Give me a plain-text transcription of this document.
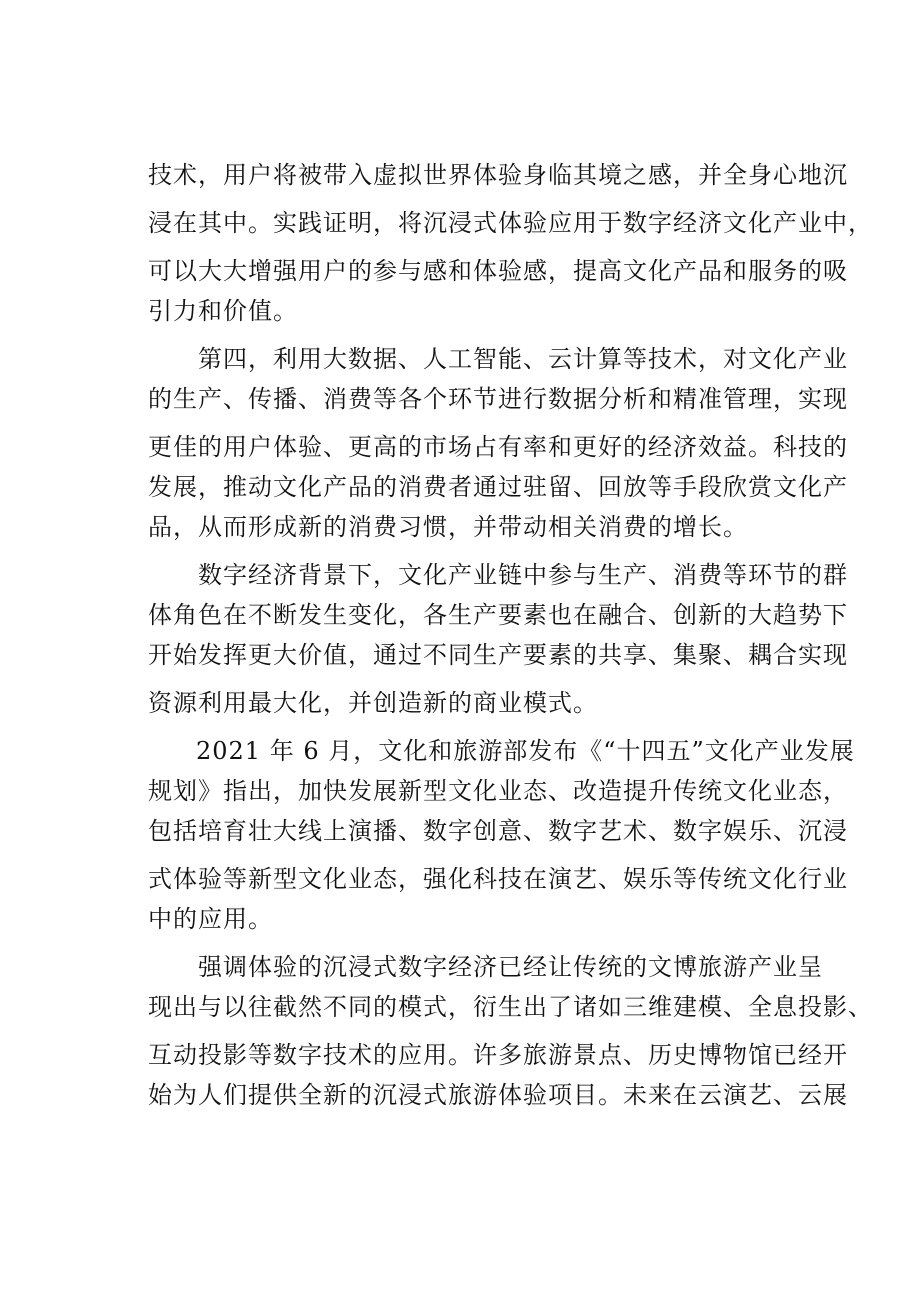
技术，用户将被带入虚拟世界体验身临其境之感，并全身心地沉
浸在其中。实践证明，将沉浸式体验应用于数字经济文化产业中，
可以大大增强用户的参与感和体验感，提高文化产品和服务的吸
引力和价值。
第四，利用大数据、人工智能、云计算等技术，对文化产业
的生产、传播、消费等各个环节进行数据分析和精准管理，实现
更佳的用户体验、更高的市场占有率和更好的经济效益。科技的
发展，推动文化产品的消费者通过驻留、回放等手段欣赏文化产
品，从而形成新的消费习惯，并带动相关消费的增长。
数字经济背景下，文化产业链中参与生产、消费等环节的群
体角色在不断发生变化，各生产要素也在融合、创新的大趋势下
开始发挥更大价值，通过不同生产要素的共享、集聚、耦合实现
资源利用最大化，并创造新的商业模式。
2021 年 6 月，文化和旅游部发布《“十四五”文化产业发展
规划》指出，加快发展新型文化业态、改造提升传统文化业态，
包括培育壮大线上演播、数字创意、数字艺术、数字娱乐、沉浸
式体验等新型文化业态，强化科技在演艺、娱乐等传统文化行业
中的应用。
强调体验的沉浸式数字经济已经让传统的文博旅游产业呈
现出与以往截然不同的模式，衍生出了诸如三维建模、全息投影、
互动投影等数字技术的应用。许多旅游景点、历史博物馆已经开
始为人们提供全新的沉浸式旅游体验项目。未来在云演艺、云展
